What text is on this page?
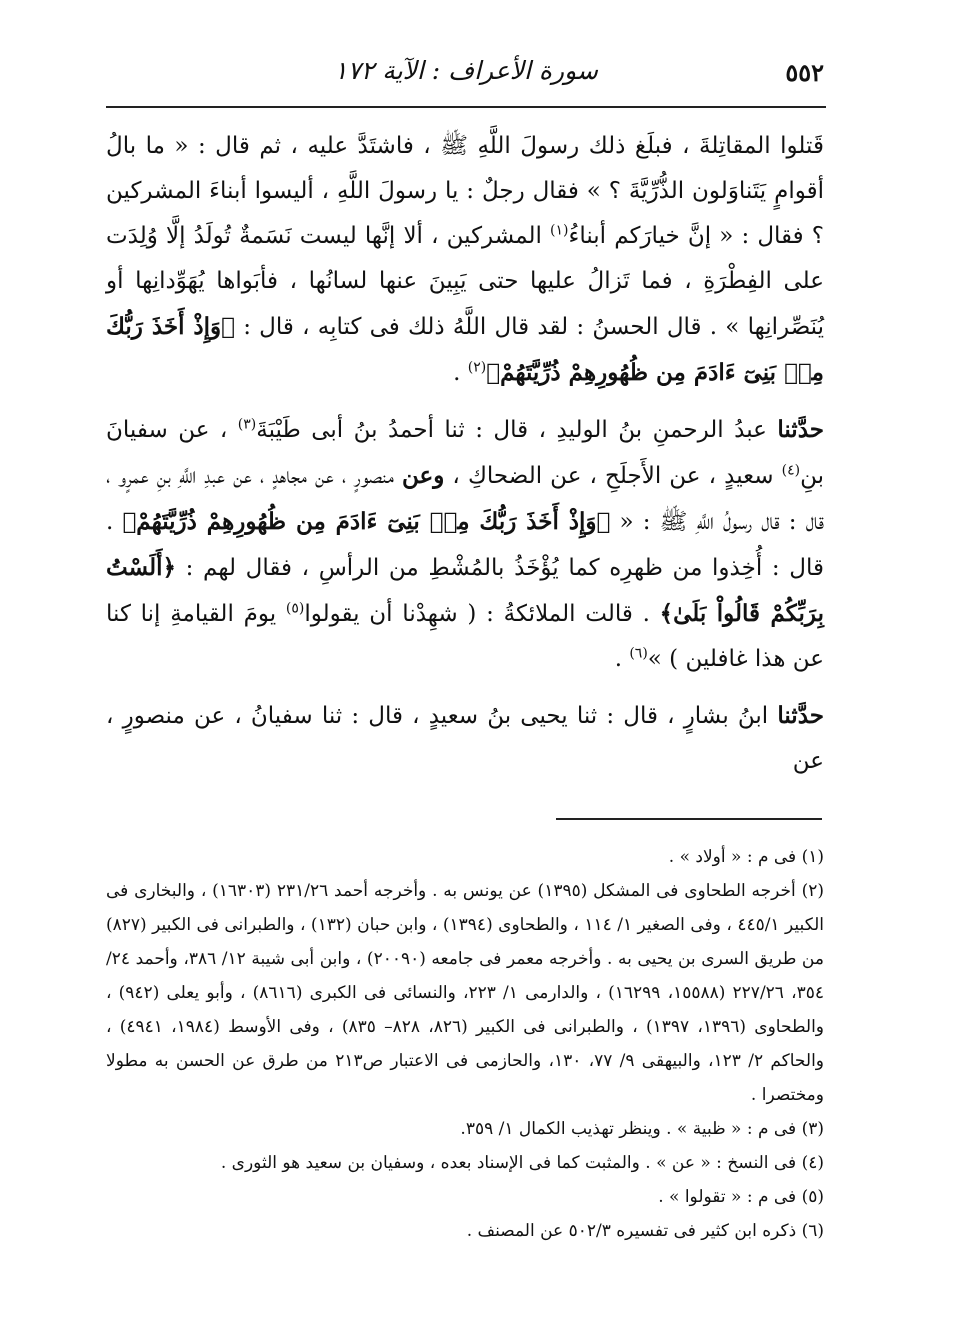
٥٥٢
سورة الأعراف : الآية ١٧٢

قَتلوا المقاتِلةَ ، فبلَغ ذلك رسولَ اللَّهِ ﷺ ، فاشتَدَّ عليه ، ثم قال : « ما بالُ أقوامٍ يَتَناوَلون الذُّرِّيَّةَ ؟ » فقال رجلٌ : يا رسولَ اللَّهِ ، أليسوا أبناءَ المشركين ؟ فقال : « إنَّ خيارَكم أبناءُ$^{(١)}$ المشركين ، ألا إنَّها ليست نَسَمةٌ تُولَدُ إلَّا وُلِدَت على الفِطْرَةِ ، فما تَزالُ عليها حتى يَبِينَ عنها لسانُها ، فأبَواها يُهَوِّدانِها أو يُنَصِّرانِها » . قال الحسنُ : لقد قال اللَّهُ ذلك فى كتابِه ، قال : ﴿وَإِذْ أَخَذَ رَبُّكَ مِنۢ بَنِىٓ ءَادَمَ مِن ظُهُورِهِمْ ذُرِّيَّتَهُمْ﴾$^{(٢)}$ .

حدَّثنا عبدُ الرحمنِ بنُ الوليدِ ، قال : ثنا أحمدُ بنُ أبى طَيْبَةَ$^{(٣)}$ ، عن سفيانَ بنِ$^{(٤)}$ سعيدٍ ، عن الأَجلَحِ ، عن الضحاكِ ، وعن منصورٍ ، عن مجاهدٍ ، عن عبدِ اللَّهِ بنِ عمرٍو ، قال : قال رسولُ اللَّهِ ﷺ : « ﴿وَإِذْ أَخَذَ رَبُّكَ مِنۢ بَنِىٓ ءَادَمَ مِن ظُهُورِهِمْ ذُرِّيَّتَهُمْ﴾ . قال : أُخِذوا من ظهرِه كما يُؤْخَذُ بالمُشْطِ من الرأسِ ، فقال لهم : ﴿أَلَسْتُ بِرَبِّكُمْ قَالُواْ بَلَىٰ﴾ . قالت الملائكةُ : ( شهِدْنا أن يقولوا$^{(٥)}$ يومَ القيامةِ إنا كنا عن هذا غافلين ) »$^{(٦)}$ .

حدَّثنا ابنُ بشارٍ ، قال : ثنا يحيى بنُ سعيدٍ ، قال : ثنا سفيانُ ، عن منصورٍ ، عن

(١) فى م : « أولاد » .

(٢) أخرجه الطحاوى فى المشكل (١٣٩٥) عن يونس به . وأخرجه أحمد ٢٣١/٢٦ (١٦٣٠٣) ، والبخارى فى الكبير ٤٤٥/١ ، وفى الصغير ١/ ١١٤ ، والطحاوى (١٣٩٤) ، وابن حبان (١٣٢) ، والطبرانى فى الكبير (٨٢٧) من طريق السرى بن يحيى به . وأخرجه معمر فى جامعه (٢٠٠٩٠) ، وابن أبى شيبة ١٢/ ٣٨٦، وأحمد ٢٤/ ٣٥٤، ٢٢٧/٢٦ (١٥٥٨٨، ١٦٢٩٩) ، والدارمى ١/ ٢٢٣، والنسائى فى الكبرى (٨٦١٦) ، وأبو يعلى (٩٤٢) ، والطحاوى (١٣٩٦، ١٣٩٧) ، والطبرانى فى الكبير (٨٢٦، ٨٢٨– ٨٣٥) ، وفى الأوسط (١٩٨٤، ٤٩٤١) ، والحاكم ٢/ ١٢٣، والبيهقى ٩/ ٧٧، ١٣٠، والحازمى فى الاعتبار ص٢١٣ من طرق عن الحسن به مطولا ومختصرا .

(٣) فى م : « ظبية » . وينظر تهذيب الكمال ١/ ٣٥٩.

(٤) فى النسخ : « عن » . والمثبت كما فى الإسناد بعده ، وسفيان بن سعيد هو الثورى .

(٥) فى م : « تقولوا » .

(٦) ذكره ابن كثير فى تفسيره ٥٠٢/٣ عن المصنف .
